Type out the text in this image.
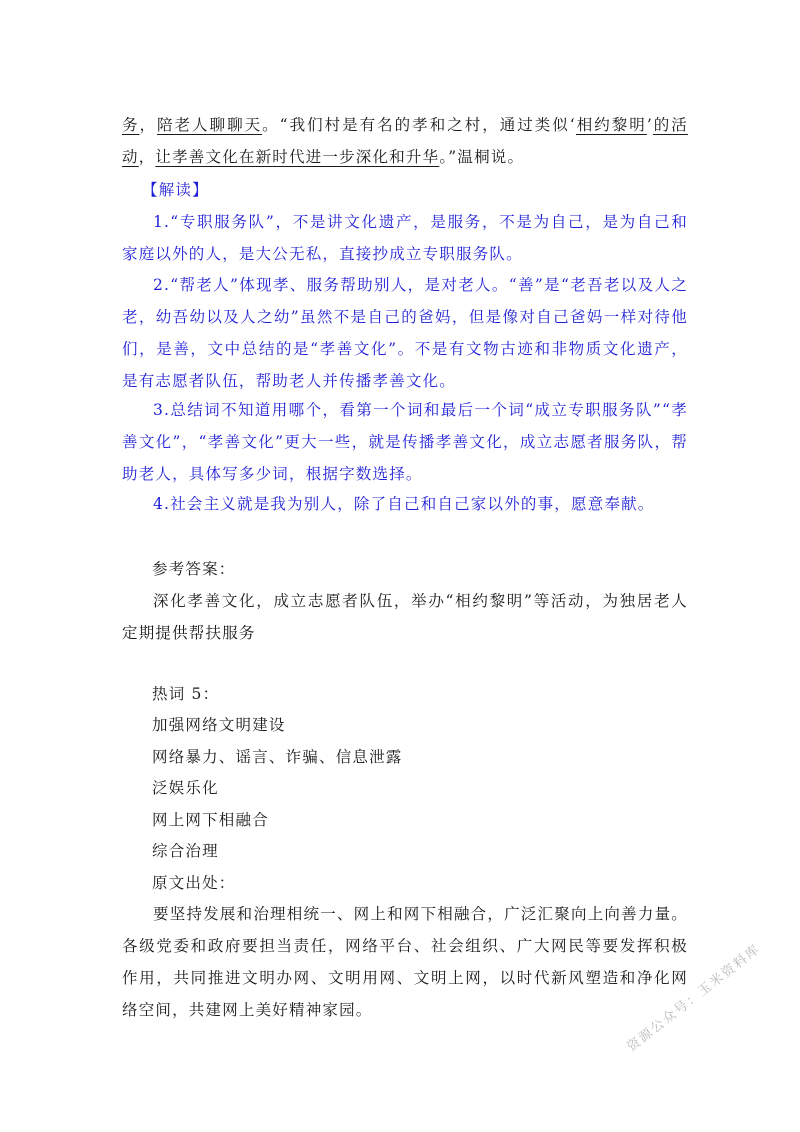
务，陪老人聊聊天。“我们村是有名的孝和之村，通过类似‘相约黎明’的活动，让孝善文化在新时代进一步深化和升华。”温桐说。

【解读】

1.“专职服务队”，不是讲文化遗产，是服务，不是为自己，是为自己和家庭以外的人，是大公无私，直接抄成立专职服务队。

2.“帮老人”体现孝、服务帮助别人，是对老人。“善”是“老吾老以及人之老，幼吾幼以及人之幼”虽然不是自己的爸妈，但是像对自己爸妈一样对待他们，是善，文中总结的是“孝善文化”。不是有文物古迹和非物质文化遗产，是有志愿者队伍，帮助老人并传播孝善文化。

3.总结词不知道用哪个，看第一个词和最后一个词“成立专职服务队”“孝善文化”，“孝善文化”更大一些，就是传播孝善文化，成立志愿者服务队，帮助老人，具体写多少词，根据字数选择。

4.社会主义就是我为别人，除了自己和自己家以外的事，愿意奉献。

参考答案：

深化孝善文化，成立志愿者队伍，举办“相约黎明”等活动，为独居老人定期提供帮扶服务

热词 5：

加强网络文明建设

网络暴力、谣言、诈骗、信息泄露

泛娱乐化

网上网下相融合

综合治理

原文出处：

要坚持发展和治理相统一、网上和网下相融合，广泛汇聚向上向善力量。各级党委和政府要担当责任，网络平台、社会组织、广大网民等要发挥积极作用，共同推进文明办网、文明用网、文明上网，以时代新风塑造和净化网络空间，共建网上美好精神家园。	资源公众号：玉米资料库
